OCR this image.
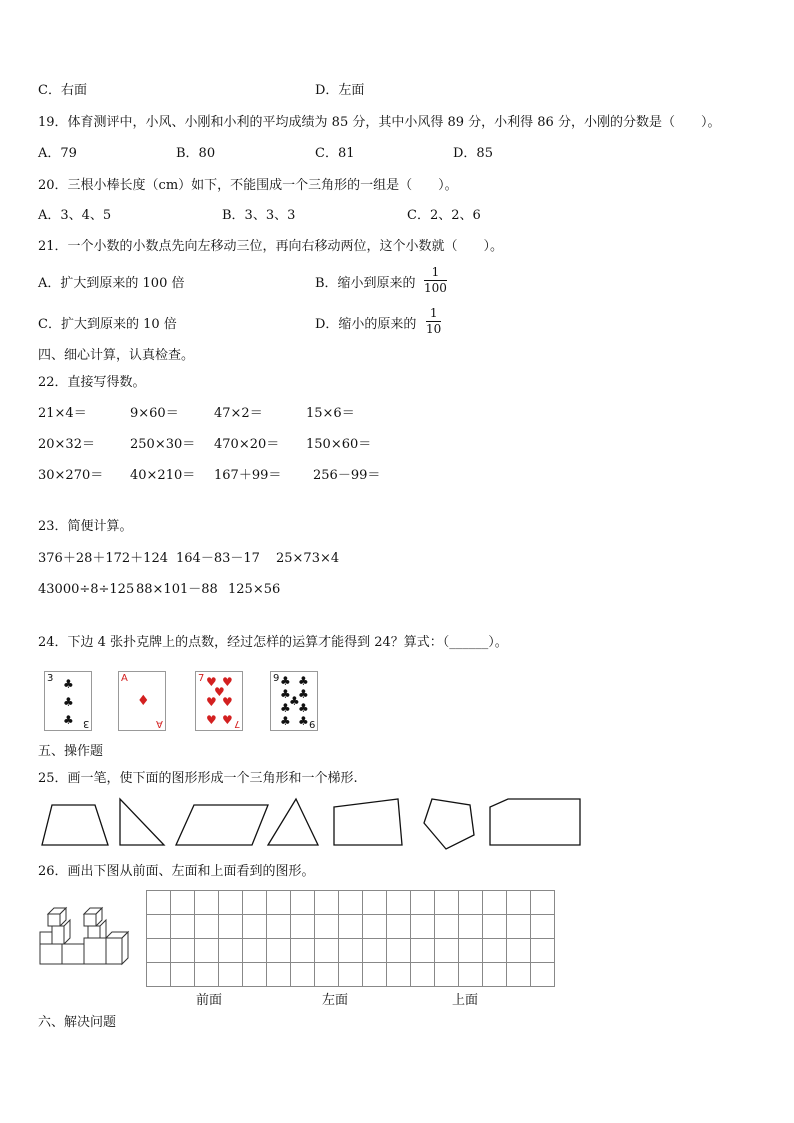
C．右面	D．左面
19．体育测评中，小风、小刚和小利的平均成绩为 85 分，其中小风得 89 分，小利得 86 分，小刚的分数是（　　）。
A．79	B．80	C．81	D．85
20．三根小棒长度（cm）如下，不能围成一个三角形的一组是（　　）。
A．3、4、5	B．3、3、3	C．2、2、6
21．一个小数的小数点先向左移动三位，再向右移动两位，这个小数就（　　）。
A．扩大到原来的 100 倍	B．缩小到原来的
1
100
C．扩大到原来的 10 倍	D．缩小的原来的
1
10
四、细心计算，认真检查。
22．直接写得数。
21×4＝	9×60＝	47×2＝	15×6＝
20×32＝	250×30＝ 470×20＝ 150×60＝
30×270＝ 40×210＝ 167＋99＝ 256－99＝
23．简便计算。
376＋28＋172＋124 164－83－17 25×73×4
43000÷8÷125 88×101－88 125×56
24．下边 4 张扑克牌上的点数，经过怎样的运算才能得到 24？算式：（______）。
3
3
♣
♣
♣
A
A
♦
7
7
♥ ♥
♥
♥ ♥
♥ ♥
9
9
♣ ♣
♣ ♣
♣
♣ ♣
♣ ♣
五、操作题
25．画一笔，使下面的图形形成一个三角形和一个梯形.
26．画出下图从前面、左面和上面看到的图形。
前面	左面	上面
六、解决问题
